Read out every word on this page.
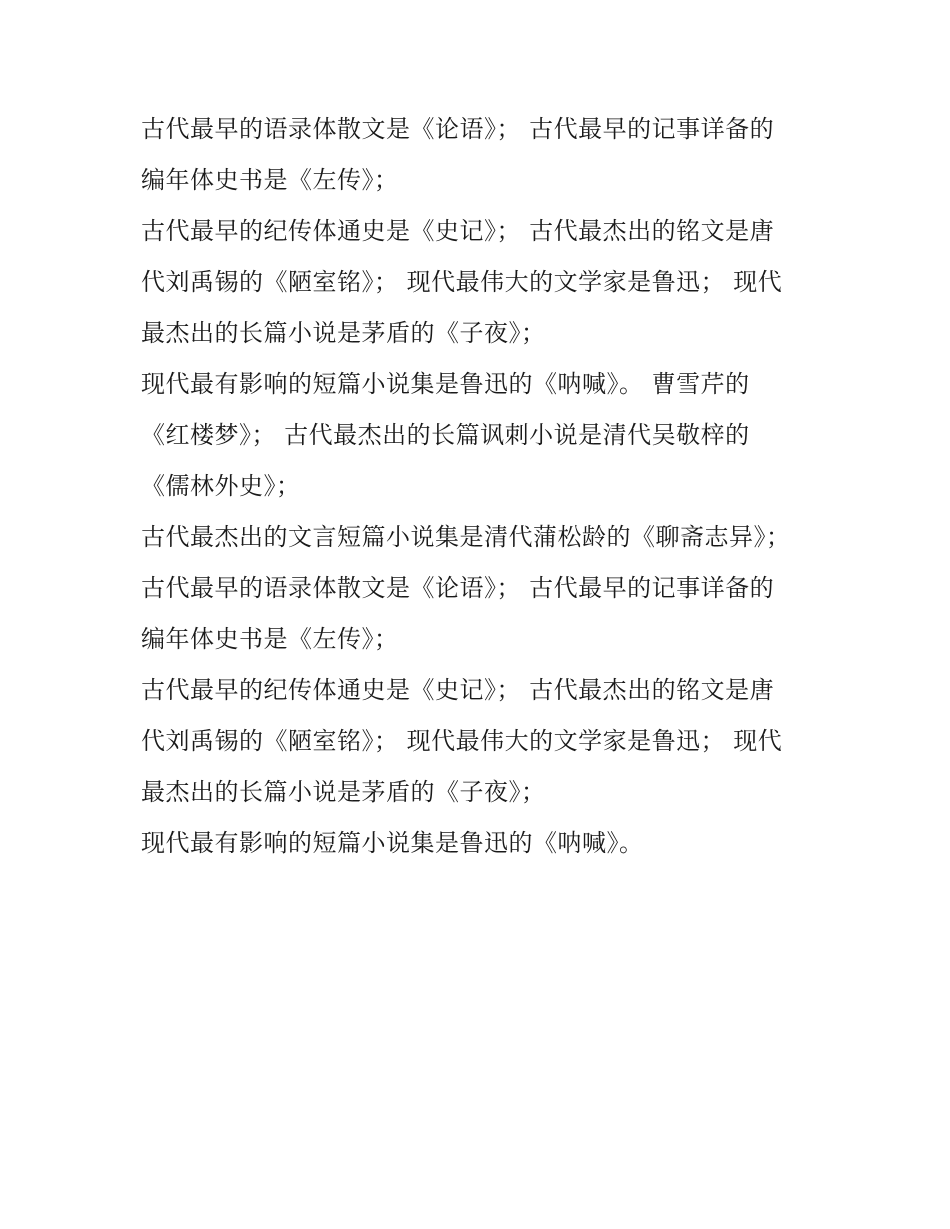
古代最早的语录体散文是《论语》； 古代最早的记事详备的
编年体史书是《左传》；
古代最早的纪传体通史是《史记》； 古代最杰出的铭文是唐
代刘禹锡的《陋室铭》； 现代最伟大的文学家是鲁迅； 现代
最杰出的长篇小说是茅盾的《子夜》；
现代最有影响的短篇小说集是鲁迅的《呐喊》。 曹雪芹的
《红楼梦》； 古代最杰出的长篇讽刺小说是清代吴敬梓的
《儒林外史》；
古代最杰出的文言短篇小说集是清代蒲松龄的《聊斋志异》；
古代最早的语录体散文是《论语》； 古代最早的记事详备的
编年体史书是《左传》；
古代最早的纪传体通史是《史记》； 古代最杰出的铭文是唐
代刘禹锡的《陋室铭》； 现代最伟大的文学家是鲁迅； 现代
最杰出的长篇小说是茅盾的《子夜》；
现代最有影响的短篇小说集是鲁迅的《呐喊》。
